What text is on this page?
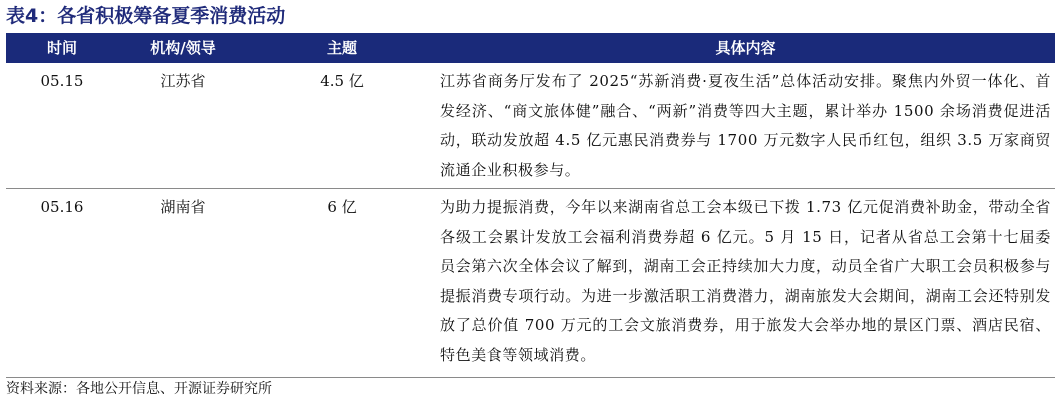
表4：各省积极筹备夏季消费活动
时间	机构/领导	主题	具体内容
05.15	江苏省	4.5 亿	江苏省商务厅发布了 2025“苏新消费·夏夜生活”总体活动安排。聚焦内外贸一体化、首发经济、“商文旅体健”融合、“两新”消费等四大主题，累计举办 1500 余场消费促进活动，联动发放超 4.5 亿元惠民消费券与 1700 万元数字人民币红包，组织 3.5 万家商贸流通企业积极参与。
05.16	湖南省	6 亿	为助力提振消费，今年以来湖南省总工会本级已下拨 1.73 亿元促消费补助金，带动全省各级工会累计发放工会福利消费券超 6 亿元。5 月 15 日，记者从省总工会第十七届委员会第六次全体会议了解到，湖南工会正持续加大力度，动员全省广大职工会员积极参与提振消费专项行动。为进一步激活职工消费潜力，湖南旅发大会期间，湖南工会还特别发放了总价值 700 万元的工会文旅消费券，用于旅发大会举办地的景区门票、酒店民宿、特色美食等领域消费。
资料来源：各地公开信息、开源证券研究所
